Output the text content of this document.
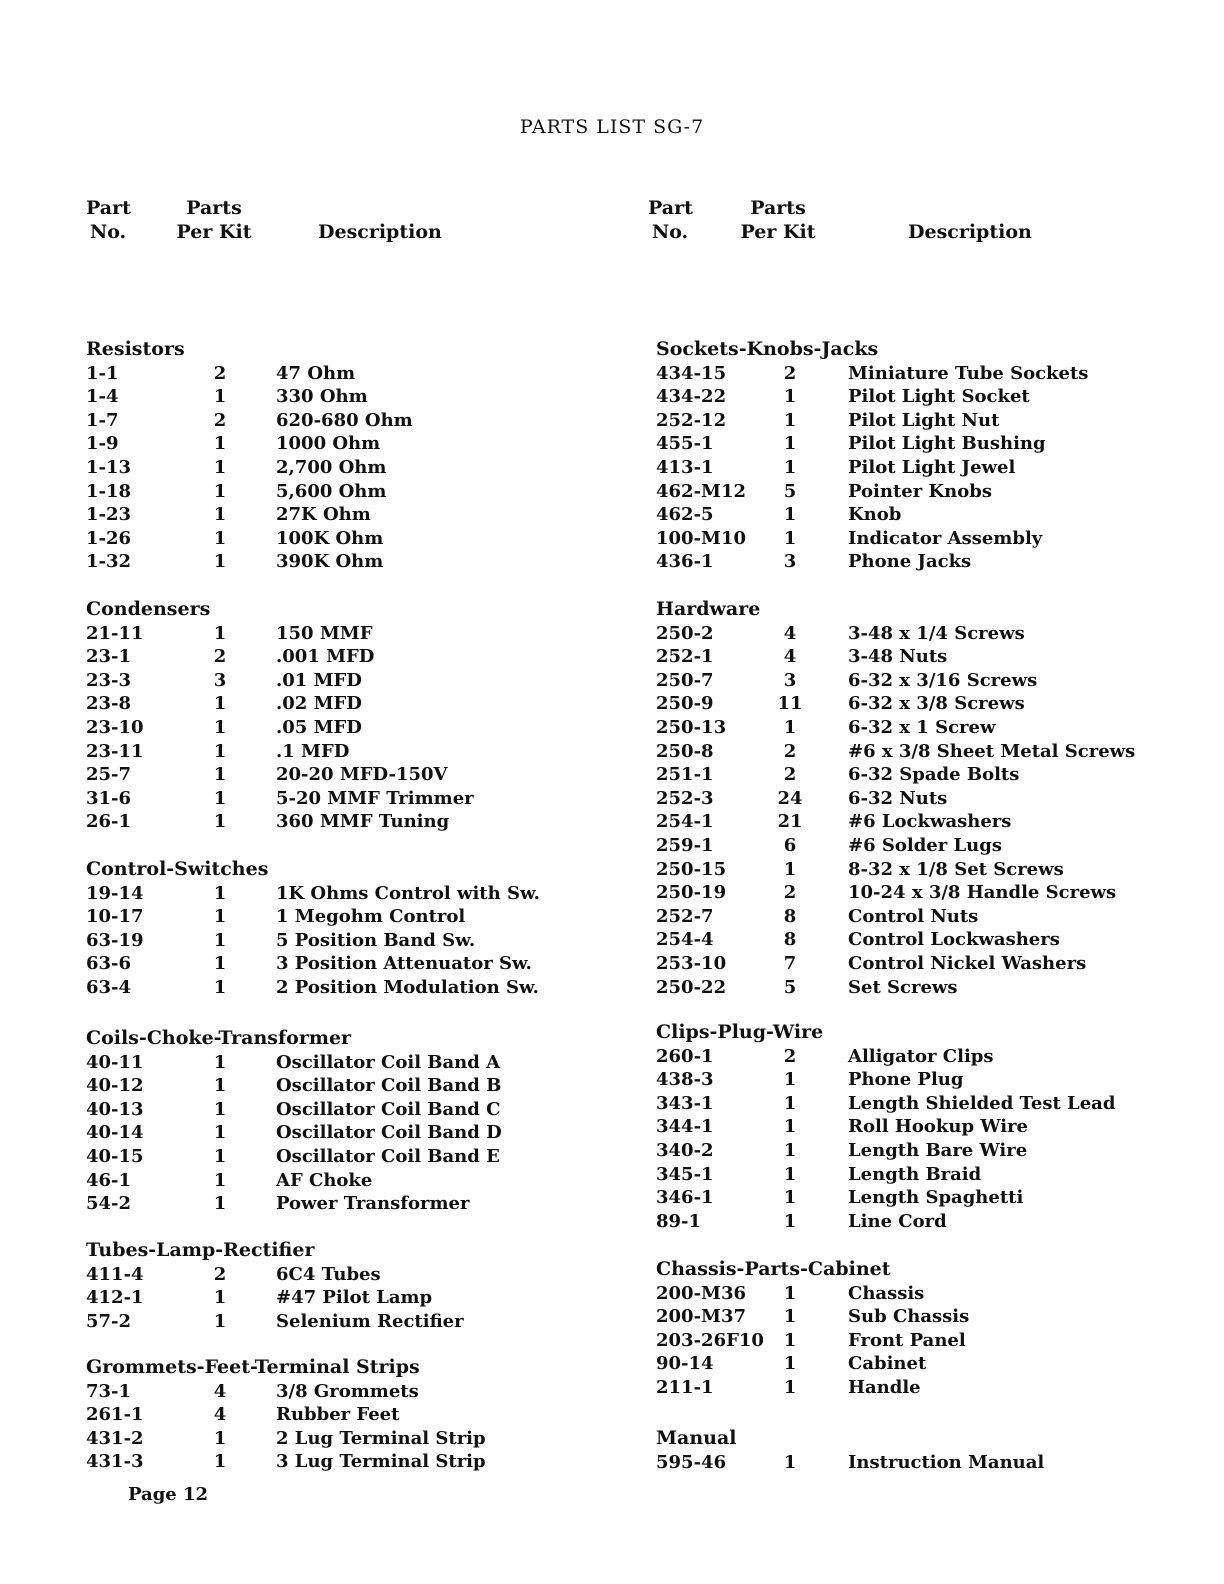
PARTS LIST SG-7
Part
No.
Parts
Per Kit	Description
Resistors
1-1	2	47 Ohm
1-4	1	330 Ohm
1-7	2	620-680 Ohm
1-9	1	1000 Ohm
1-13	1	2,700 Ohm
1-18	1	5,600 Ohm
1-23	1	27K Ohm
1-26	1	100K Ohm
1-32	1	390K Ohm
Condensers
21-11	1	150 MMF
23-1	2	.001 MFD
23-3	3	.01 MFD
23-8	1	.02 MFD
23-10	1	.05 MFD
23-11	1	.1 MFD
25-7	1	20-20 MFD-150V
31-6	1	5-20 MMF Trimmer
26-1	1	360 MMF Tuning
Control-Switches
19-14	1	1K Ohms Control with Sw.
10-17	1	1 Megohm Control
63-19	1	5 Position Band Sw.
63-6	1	3 Position Attenuator Sw.
63-4	1	2 Position Modulation Sw.
Coils-Choke-Transformer
40-11	1	Oscillator Coil Band A
40-12	1	Oscillator Coil Band B
40-13	1	Oscillator Coil Band C
40-14	1	Oscillator Coil Band D
40-15	1	Oscillator Coil Band E
46-1	1	AF Choke
54-2	1	Power Transformer
Tubes-Lamp-Rectifier
411-4	2	6C4 Tubes
412-1	1	#47 Pilot Lamp
57-2	1	Selenium Rectifier
Grommets-Feet-Terminal Strips
73-1	4	3/8 Grommets
261-1	4	Rubber Feet
431-2	1	2 Lug Terminal Strip
431-3	1	3 Lug Terminal Strip
Part
No.
Parts
Per Kit	Description
Sockets-Knobs-Jacks
434-15	2	Miniature Tube Sockets
434-22	1	Pilot Light Socket
252-12	1	Pilot Light Nut
455-1	1	Pilot Light Bushing
413-1	1	Pilot Light Jewel
462-M12	5	Pointer Knobs
462-5	1	Knob
100-M10	1	Indicator Assembly
436-1	3	Phone Jacks
Hardware
250-2	4	3-48 x 1/4 Screws
252-1	4	3-48 Nuts
250-7	3	6-32 x 3/16 Screws
250-9	11	6-32 x 3/8 Screws
250-13	1	6-32 x 1 Screw
250-8	2	#6 x 3/8 Sheet Metal Screws
251-1	2	6-32 Spade Bolts
252-3	24	6-32 Nuts
254-1	21	#6 Lockwashers
259-1	6	#6 Solder Lugs
250-15	1	8-32 x 1/8 Set Screws
250-19	2	10-24 x 3/8 Handle Screws
252-7	8	Control Nuts
254-4	8	Control Lockwashers
253-10	7	Control Nickel Washers
250-22	5	Set Screws
Clips-Plug-Wire
260-1	2	Alligator Clips
438-3	1	Phone Plug
343-1	1	Length Shielded Test Lead
344-1	1	Roll Hookup Wire
340-2	1	Length Bare Wire
345-1	1	Length Braid
346-1	1	Length Spaghetti
89-1	1	Line Cord
Chassis-Parts-Cabinet
200-M36	1	Chassis
200-M37	1	Sub Chassis
203-26F10	1	Front Panel
90-14	1	Cabinet
211-1	1	Handle
Manual
595-46	1	Instruction Manual
Page 12
